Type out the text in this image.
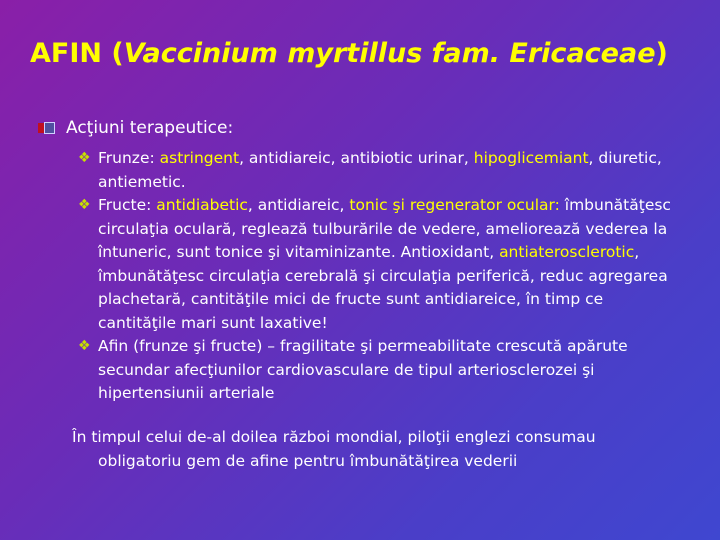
AFIN (Vaccinium myrtillus fam. Ericaceae)
Acţiuni terapeutice:
❖ Frunze: astringent, antidiareic, antibiotic urinar, hipoglicemiant, diuretic, antiemetic.
❖ Fructe: antidiabetic, antidiareic, tonic şi regenerator ocular: îmbunătăţesc circulaţia oculară, reglează tulburările de vedere, ameliorează vederea la întuneric, sunt tonice şi vitaminizante. Antioxidant, antiaterosclerotic, îmbunătăţesc circulaţia cerebrală şi circulaţia periferică, reduc agregarea plachetară, cantităţile mici de fructe sunt antidiareice, în timp ce cantităţile mari sunt laxative!
❖ Afin (frunze şi fructe) – fragilitate şi permeabilitate crescută apărute secundar afecţiunilor cardiovasculare de tipul arteriosclerozei şi hipertensiunii arteriale
În timpul celui de-al doilea război mondial, piloţii englezi consumau
obligatoriu gem de afine pentru îmbunătăţirea vederii
